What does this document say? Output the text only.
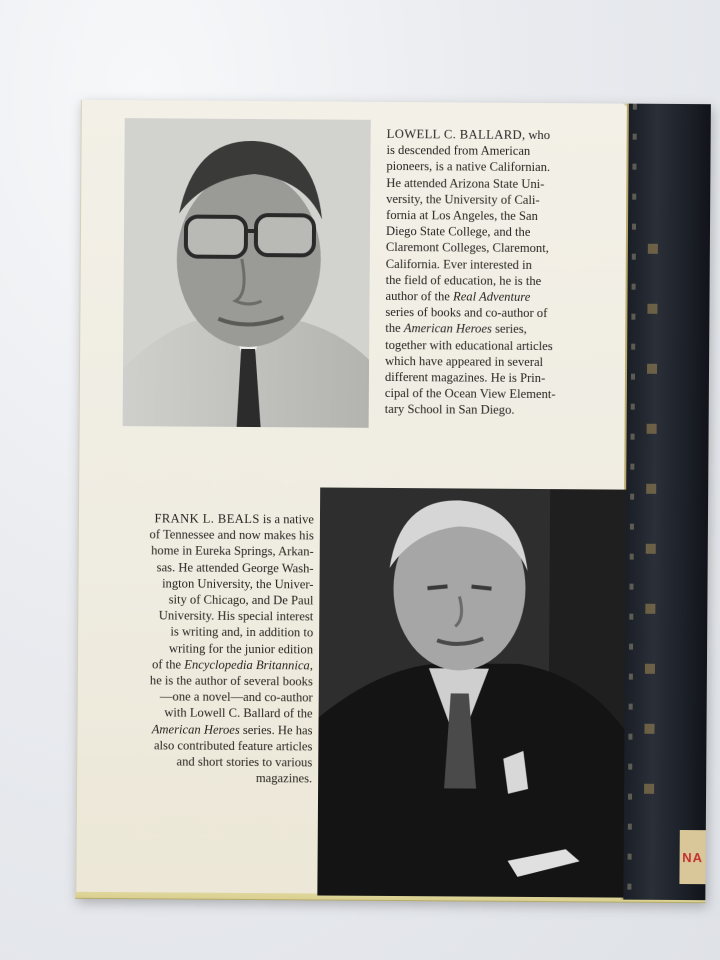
NA
LOWELL C. BALLARD, who
is descended from American
pioneers, is a native Californian.
He attended Arizona State Uni-
versity, the University of Cali-
fornia at Los Angeles, the San
Diego State College, and the
Claremont Colleges, Claremont,
California. Ever interested in
the field of education, he is the
author of the Real Adventure
series of books and co-author of
the American Heroes series,
together with educational articles
which have appeared in several
different magazines. He is Prin-
cipal of the Ocean View Element-
tary School in San Diego.
FRANK L. BEALS is a native
of Tennessee and now makes his
home in Eureka Springs, Arkan-
sas. He attended George Wash-
ington University, the Univer-
sity of Chicago, and De Paul
University. His special interest
is writing and, in addition to
writing for the junior edition
of the Encyclopedia Britannica,
he is the author of several books
—one a novel—and co-author
with Lowell C. Ballard of the
American Heroes series. He has
also contributed feature articles
and short stories to various
magazines.
